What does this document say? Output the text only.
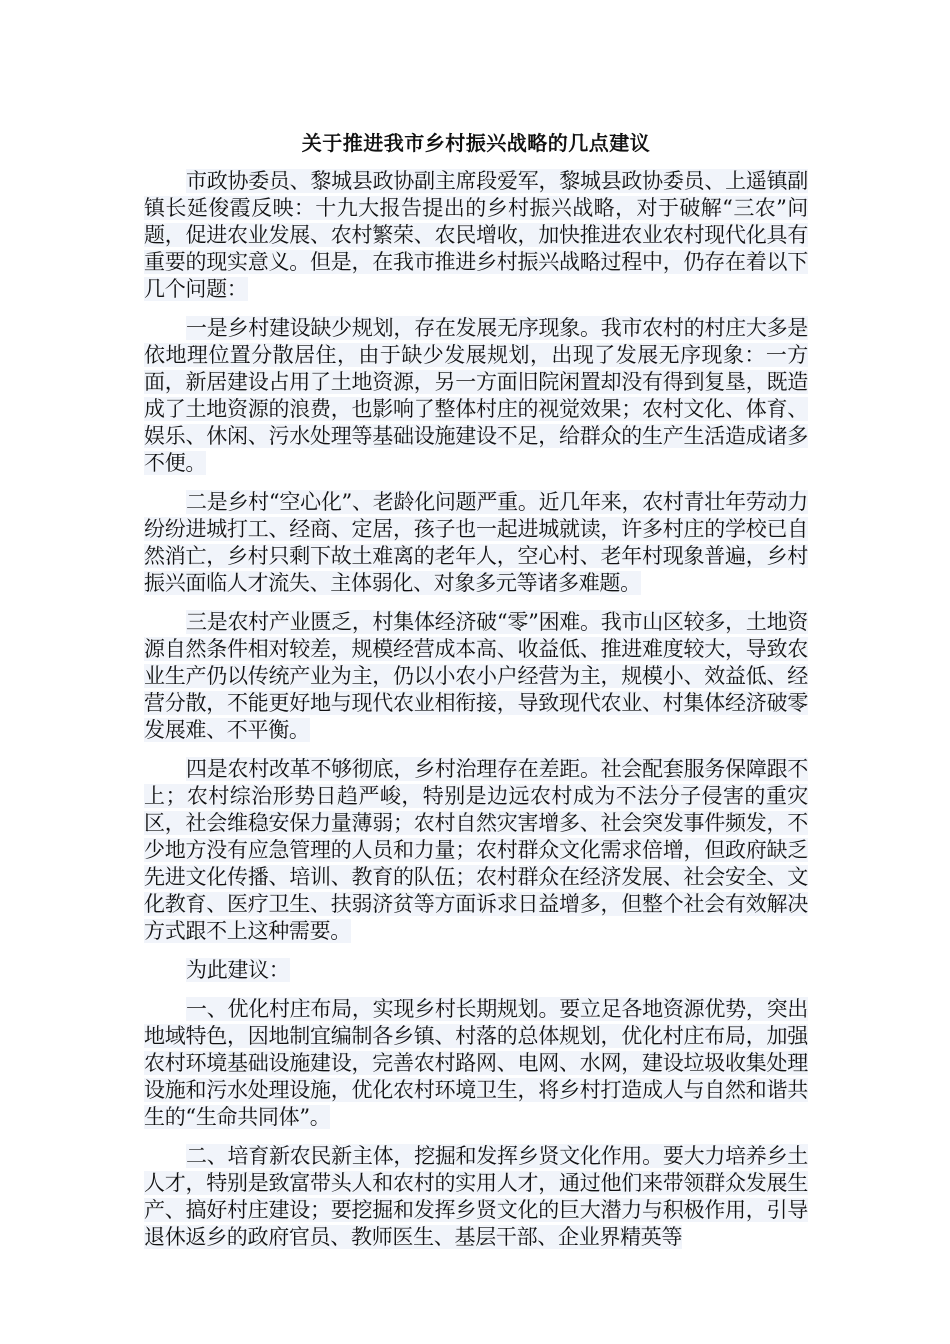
关于推进我市乡村振兴战略的几点建议

市政协委员、黎城县政协副主席段爱军，黎城县政协委员、上遥镇副镇长延俊霞反映：十九大报告提出的乡村振兴战略，对于破解“三农”问题，促进农业发展、农村繁荣、农民增收，加快推进农业农村现代化具有重要的现实意义。但是，在我市推进乡村振兴战略过程中，仍存在着以下几个问题：

一是乡村建设缺少规划，存在发展无序现象。我市农村的村庄大多是依地理位置分散居住，由于缺少发展规划，出现了发展无序现象：一方面，新居建设占用了土地资源，另一方面旧院闲置却没有得到复垦，既造成了土地资源的浪费，也影响了整体村庄的视觉效果；农村文化、体育、娱乐、休闲、污水处理等基础设施建设不足，给群众的生产生活造成诸多不便。

二是乡村“空心化”、老龄化问题严重。近几年来，农村青壮年劳动力纷纷进城打工、经商、定居，孩子也一起进城就读，许多村庄的学校已自然消亡，乡村只剩下故土难离的老年人，空心村、老年村现象普遍，乡村振兴面临人才流失、主体弱化、对象多元等诸多难题。

三是农村产业匮乏，村集体经济破“零”困难。我市山区较多，土地资源自然条件相对较差，规模经营成本高、收益低、推进难度较大，导致农业生产仍以传统产业为主，仍以小农小户经营为主，规模小、效益低、经营分散，不能更好地与现代农业相衔接，导致现代农业、村集体经济破零发展难、不平衡。

四是农村改革不够彻底，乡村治理存在差距。社会配套服务保障跟不上；农村综治形势日趋严峻，特别是边远农村成为不法分子侵害的重灾区，社会维稳安保力量薄弱；农村自然灾害增多、社会突发事件频发，不少地方没有应急管理的人员和力量；农村群众文化需求倍增，但政府缺乏先进文化传播、培训、教育的队伍；农村群众在经济发展、社会安全、文化教育、医疗卫生、扶弱济贫等方面诉求日益增多，但整个社会有效解决方式跟不上这种需要。

为此建议：

一、优化村庄布局，实现乡村长期规划。要立足各地资源优势，突出地域特色，因地制宜编制各乡镇、村落的总体规划，优化村庄布局，加强农村环境基础设施建设，完善农村路网、电网、水网，建设垃圾收集处理设施和污水处理设施，优化农村环境卫生，将乡村打造成人与自然和谐共生的“生命共同体”。

二、培育新农民新主体，挖掘和发挥乡贤文化作用。要大力培养乡土人才，特别是致富带头人和农村的实用人才，通过他们来带领群众发展生产、搞好村庄建设；要挖掘和发挥乡贤文化的巨大潜力与积极作用，引导退休返乡的政府官员、教师医生、基层干部、企业界精英等
